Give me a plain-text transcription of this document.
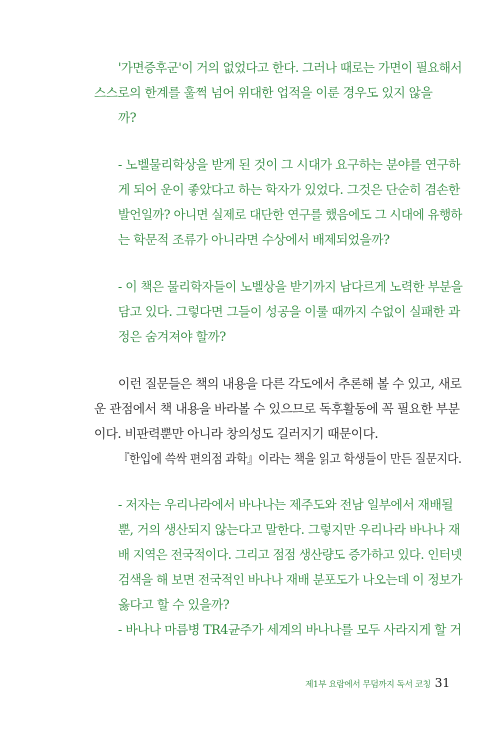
'가면증후군'이 거의 없었다고 한다. 그러나 때로는 가면이 필요해서

스스로의 한계를 훌쩍 넘어 위대한 업적을 이룬 경우도 있지 않을

까?

- 노벨물리학상을 받게 된 것이 그 시대가 요구하는 분야를 연구하

게 되어 운이 좋았다고 하는 학자가 있었다. 그것은 단순히 겸손한

발언일까? 아니면 실제로 대단한 연구를 했음에도 그 시대에 유행하

는 학문적 조류가 아니라면 수상에서 배제되었을까?

- 이 책은 물리학자들이 노벨상을 받기까지 남다르게 노력한 부분을

담고 있다. 그렇다면 그들이 성공을 이룰 때까지 수없이 실패한 과

정은 숨겨져야 할까?

이런 질문들은 책의 내용을 다른 각도에서 추론해 볼 수 있고, 새로

운 관점에서 책 내용을 바라볼 수 있으므로 독후활동에 꼭 필요한 부분

이다. 비판력뿐만 아니라 창의성도 길러지기 때문이다.

『한입에 쓱싹 편의점 과학』이라는 책을 읽고 학생들이 만든 질문지다.

- 저자는 우리나라에서 바나나는 제주도와 전남 일부에서 재배될

뿐, 거의 생산되지 않는다고 말한다. 그렇지만 우리나라 바나나 재

배 지역은 전국적이다. 그리고 점점 생산량도 증가하고 있다. 인터넷

검색을 해 보면 전국적인 바나나 재배 분포도가 나오는데 이 정보가

옳다고 할 수 있을까?

- 바나나 마름병 TR4균주가 세계의 바나나를 모두 사라지게 할 거

제1부 요람에서 무덤까지 독서 코칭 31
